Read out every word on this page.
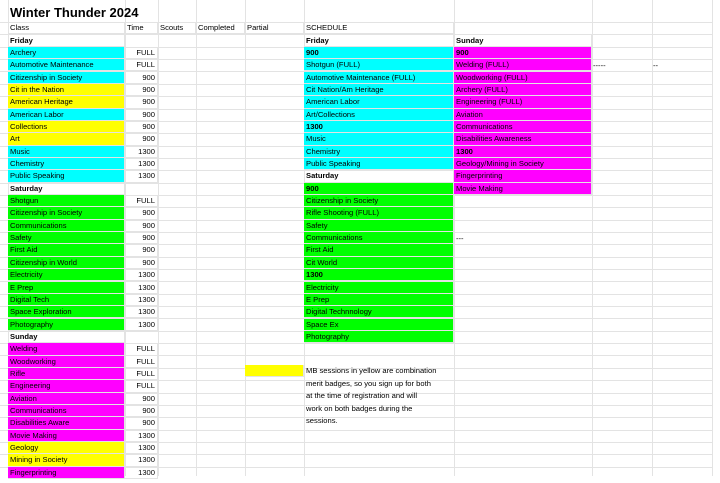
Winter Thunder 2024
Class	Time	Scouts	Completed	Partial	SCHEDULE
Friday
Archery	FULL
Automotive Maintenance	FULL
Citizenship in Society	900
Cit in the Nation	900
American Heritage	900
American Labor	900
Collections	900
Art	900
Music	1300
Chemistry	1300
Public Speaking	1300
Saturday
Shotgun	FULL
Citizenship in Society	900
Communications	900
Safety	900
First Aid	900
Citizenship in World	900
Electricity	1300
E Prep	1300
Digital Tech	1300
Space Exploration	1300
Photography	1300
Sunday
Welding	FULL
Woodworking	FULL
Rifle	FULL
Engineering	FULL
Aviation	900
Communications	900
Disabilities Aware	900
Movie Making	1300
Geology	1300
Mining in Society	1300
Fingerprinting	1300
Friday
900
Shotgun (FULL)
Automotive Maintenance (FULL)
Cit Nation/Am Heritage
American Labor
Art/Collections
1300
Music
Chemistry
Public Speaking
Saturday
900
Citizenship in Society
Rifle Shooting (FULL)
Safety
Communications
First Aid
Cit World
1300
Electricity
E Prep
Digital Technnology
Space Ex
Photography
Sunday
900
Welding (FULL)
Woodworking (FULL)
Archery (FULL)
Engineering (FULL)
Aviation
Communications
Disabilities Awareness
1300
Geology/Mining in Society
Fingerprinting
Movie Making
MB sessions in yellow are combination
merit badges, so you sign up for both
at the time of registration and will
work on both badges during the
sessions.
-----	--
---
